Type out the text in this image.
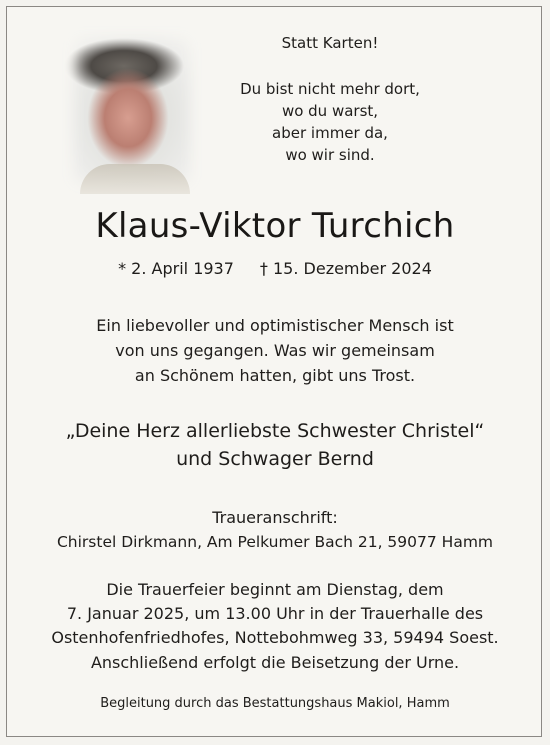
Statt Karten!
Du bist nicht mehr dort,
wo du warst,
aber immer da,
wo wir sind.
Klaus-Viktor Turchich
* 2. April 1937 † 15. Dezember 2024
Ein liebevoller und optimistischer Mensch ist
von uns gegangen. Was wir gemeinsam
an Schönem hatten, gibt uns Trost.
„Deine Herz allerliebste Schwester Christel“
und Schwager Bernd
Traueranschrift:
Chirstel Dirkmann, Am Pelkumer Bach 21, 59077 Hamm
Die Trauerfeier beginnt am Dienstag, dem
7. Januar 2025, um 13.00 Uhr in der Trauerhalle des
Ostenhofenfriedhofes, Nottebohmweg 33, 59494 Soest.
Anschließend erfolgt die Beisetzung der Urne.
Begleitung durch das Bestattungshaus Makiol, Hamm
